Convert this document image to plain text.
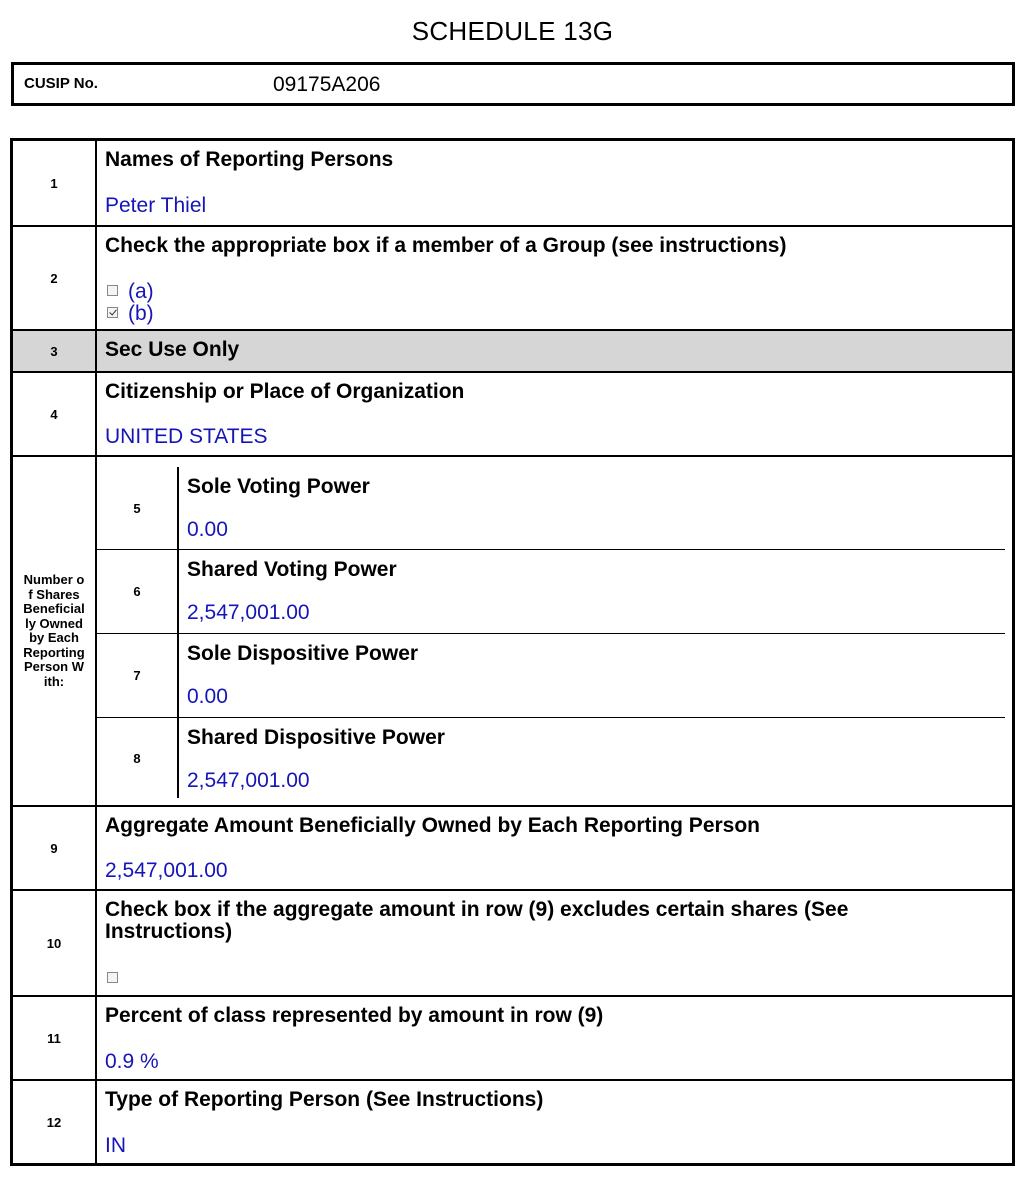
SCHEDULE 13G
CUSIP No.	09175A206
1
Names of Reporting Persons
Peter Thiel
2
Check the appropriate box if a member of a Group (see instructions)
(a)
(b)
3	Sec Use Only
4
Citizenship or Place of Organization
UNITED STATES
Number of Shares Beneficially Owned by Each Reporting Person With:
5
Sole Voting Power
0.00
6
Shared Voting Power
2,547,001.00
7
Sole Dispositive Power
0.00
8
Shared Dispositive Power
2,547,001.00
9
Aggregate Amount Beneficially Owned by Each Reporting Person
2,547,001.00
10
Check box if the aggregate amount in row (9) excludes certain shares (See Instructions)
11
Percent of class represented by amount in row (9)
0.9 %
12
Type of Reporting Person (See Instructions)
IN
